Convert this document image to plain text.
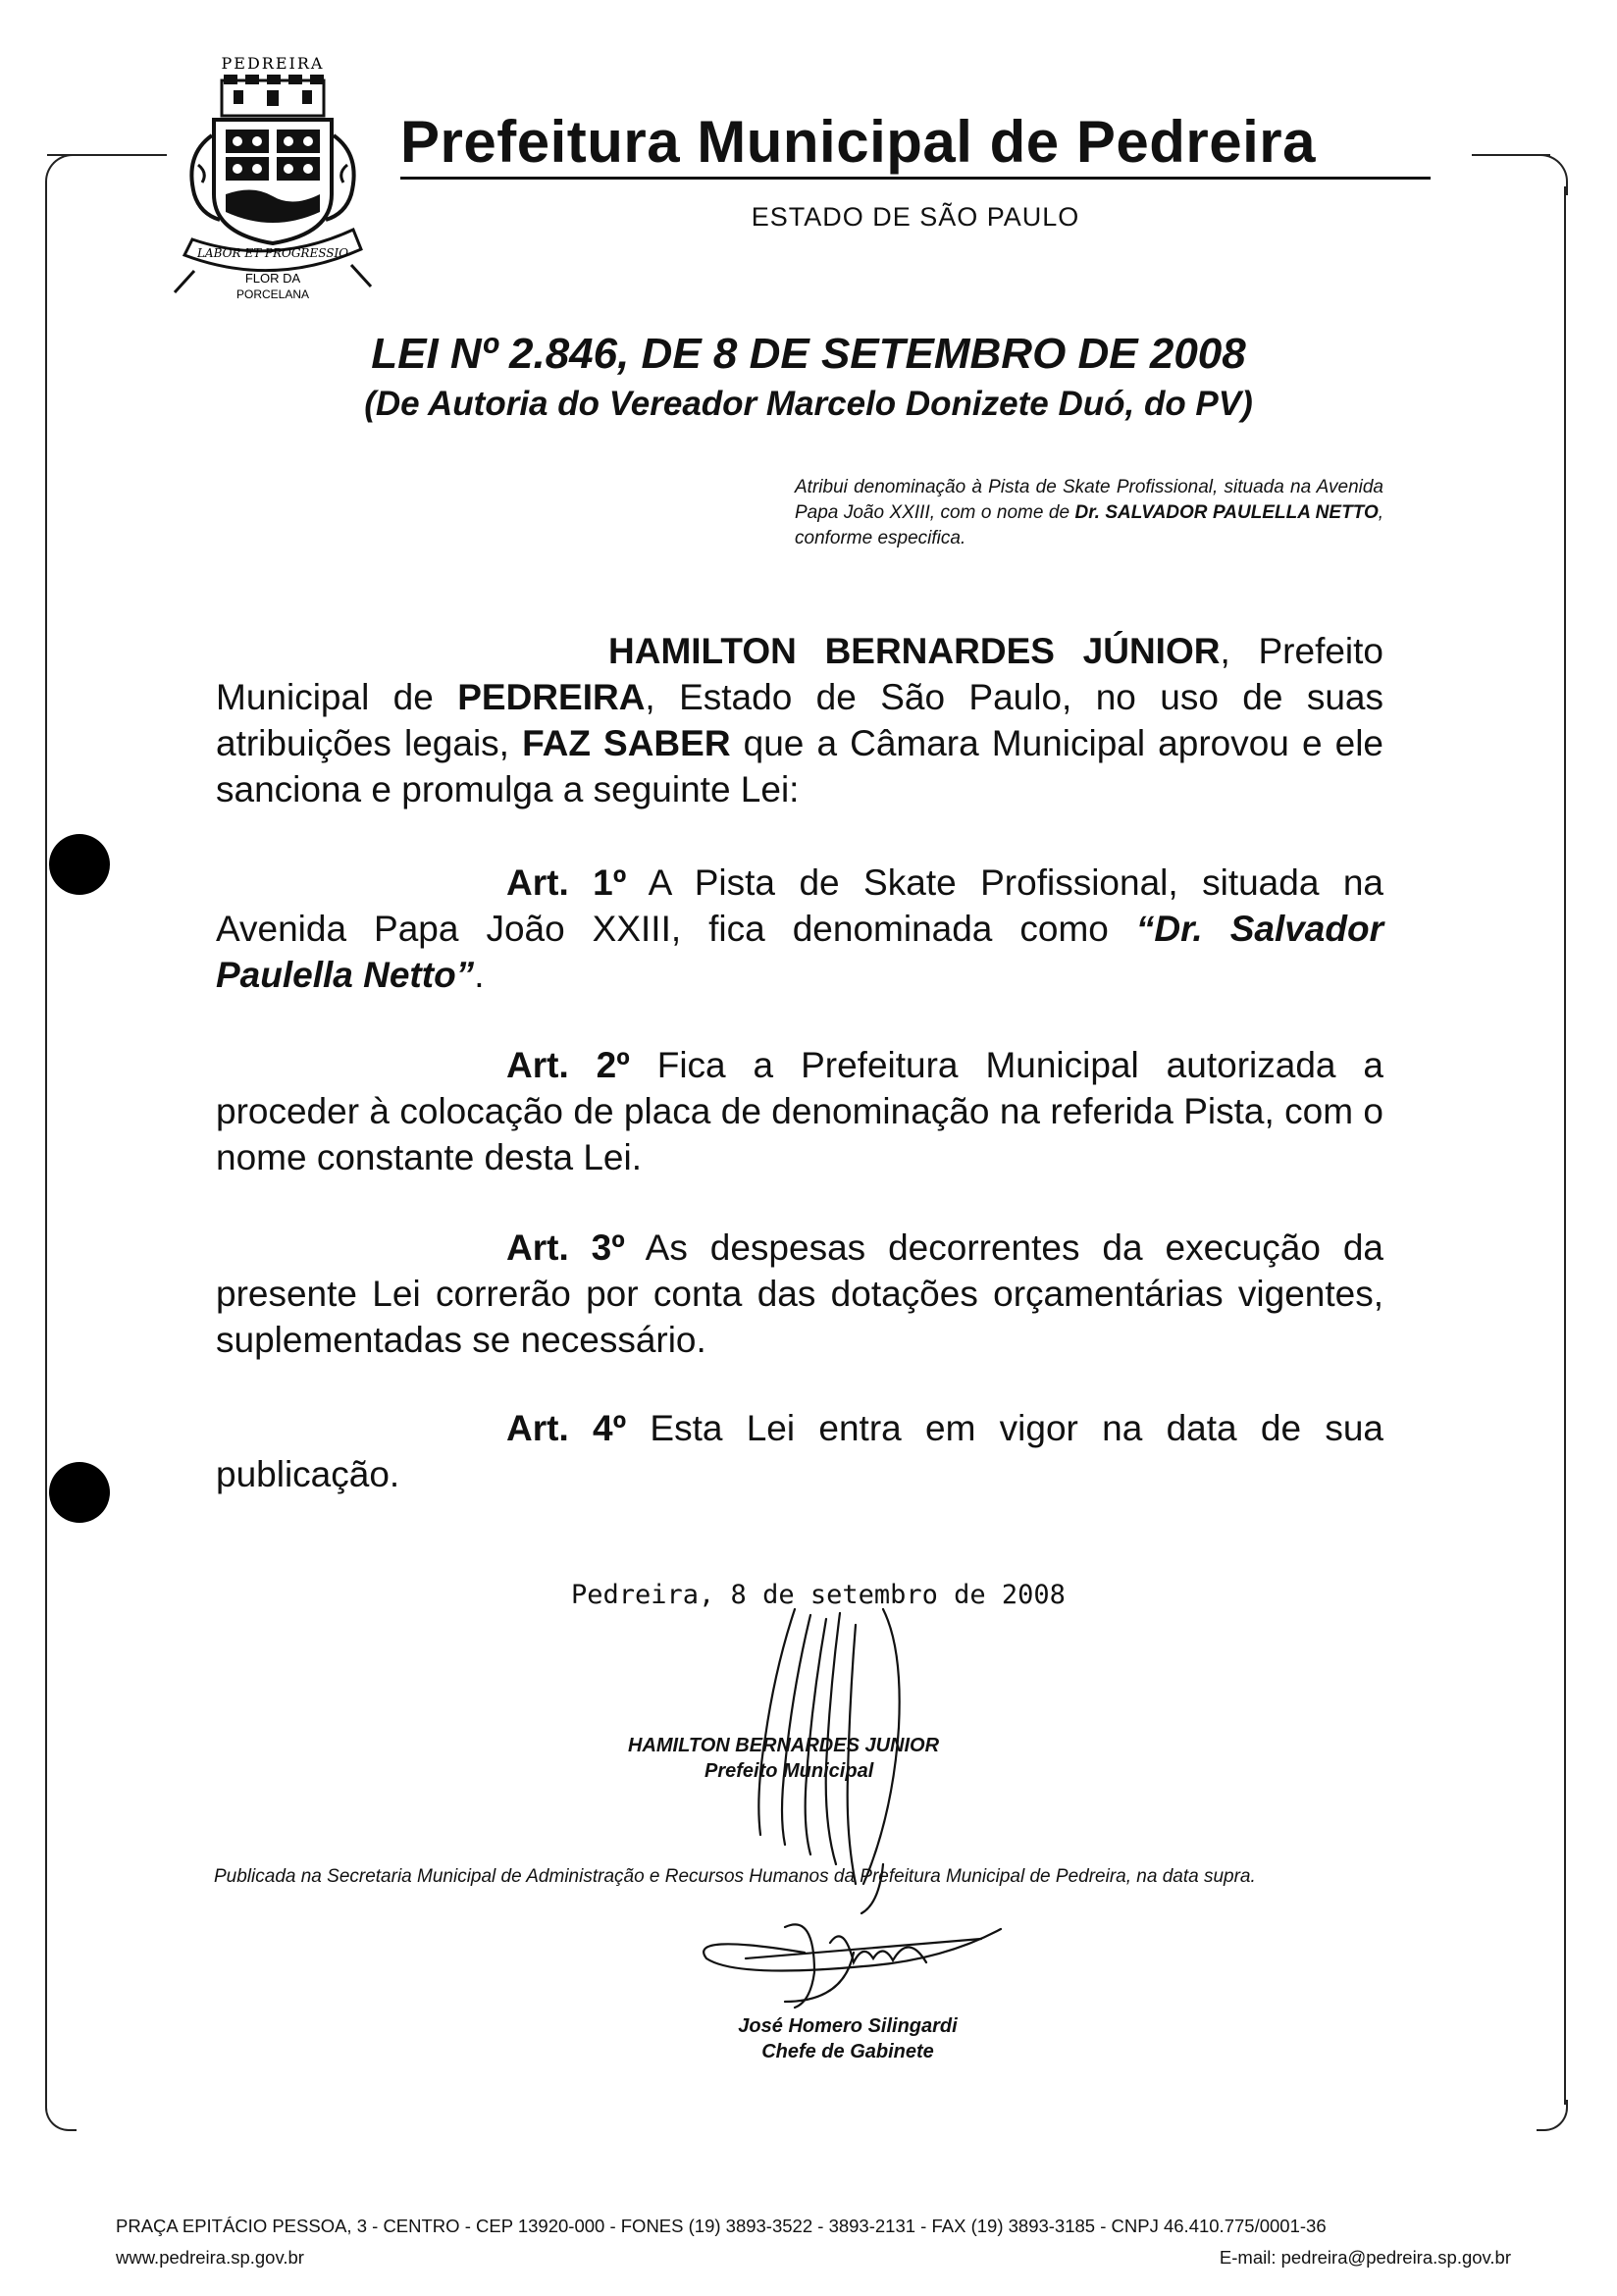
PEDREIRA
LABOR ET PROGRESSIO
FLOR DA
PORCELANA
Prefeitura Municipal de Pedreira
ESTADO DE SÃO PAULO
LEI Nº 2.846, DE 8 DE SETEMBRO DE 2008
(De Autoria do Vereador Marcelo Donizete Duó, do PV)
Atribui denominação à Pista de Skate Profissional, situada na Avenida Papa João XXIII, com o nome de Dr. SALVADOR PAULELLA NETTO, conforme especifica.
HAMILTON BERNARDES JÚNIOR, Prefeito Municipal de PEDREIRA, Estado de São Paulo, no uso de suas atribuições legais, FAZ SABER que a Câmara Municipal aprovou e ele sanciona e promulga a seguinte Lei:
Art. 1º A Pista de Skate Profissional, situada na Avenida Papa João XXIII, fica denominada como “Dr. Salvador Paulella Netto”.
Art. 2º Fica a Prefeitura Municipal autorizada a proceder à colocação de placa de denominação na referida Pista, com o nome constante desta Lei.
Art. 3º As despesas decorrentes da execução da presente Lei correrão por conta das dotações orçamentárias vigentes, suplementadas se necessário.
Art. 4º Esta Lei entra em vigor na data de sua publicação.
Pedreira, 8 de setembro de 2008
HAMILTON BERNARDES JUNIOR
Prefeito Municipal
Publicada na Secretaria Municipal de Administração e Recursos Humanos da Prefeitura Municipal de Pedreira, na data supra.
José Homero Silingardi
Chefe de Gabinete
PRAÇA EPITÁCIO PESSOA, 3 - CENTRO - CEP 13920-000 - FONES (19) 3893-3522 - 3893-2131 - FAX (19) 3893-3185 - CNPJ 46.410.775/0001-36
www.pedreira.sp.gov.br	E-mail: pedreira@pedreira.sp.gov.br
